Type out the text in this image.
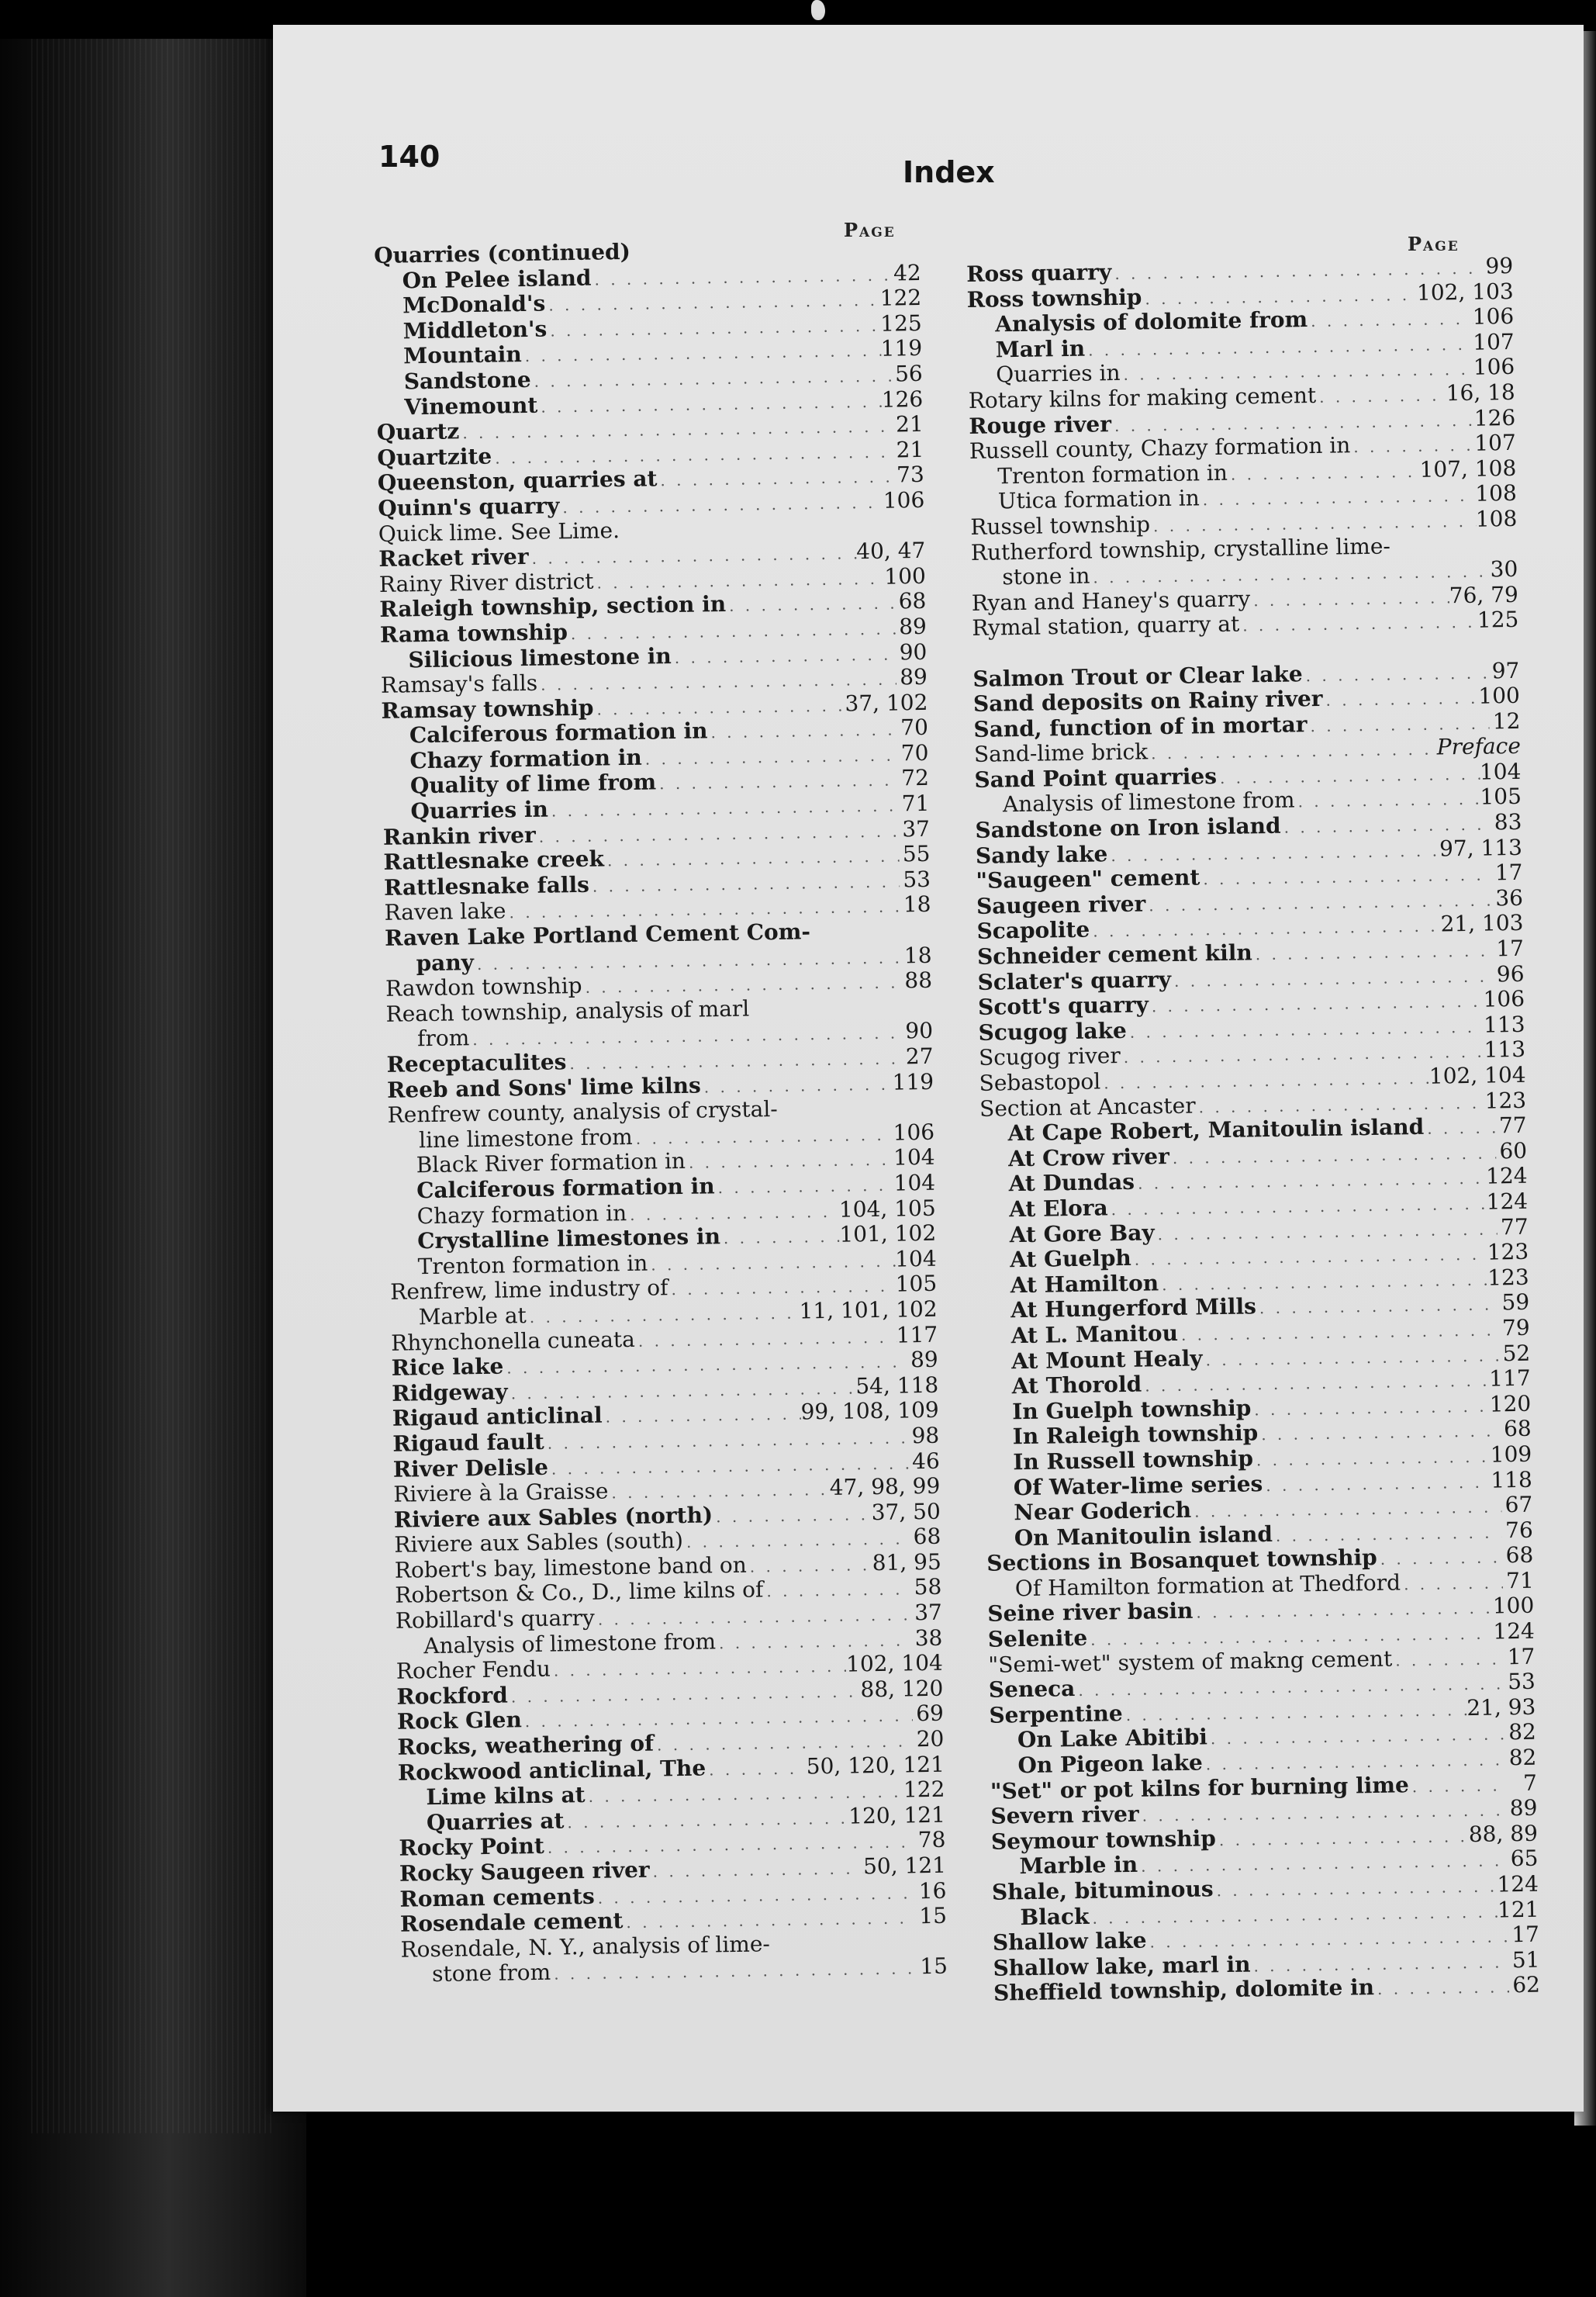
140	Index
Page
Page
Quarries (continued)
On Pelee island . . .	42
McDonald's . . .	122
Middleton's . . .	125
Mountain . . .	119
Sandstone . . .	56
Vinemount . . .	126
Quartz . . .	21
Quartzite . . .	21
Queenston, quarries at . . .	73
Quinn's quarry . . .	106
Quick lime. See Lime.
Racket river . . .	40, 47
Rainy River district . . .	100
Raleigh township, section in . . .	68
Rama township . . .	89
Silicious limestone in . . .	90
Ramsay's falls . . .	89
Ramsay township . . .	37, 102
Calciferous formation in . . .	70
Chazy formation in . . .	70
Quality of lime from . . .	72
Quarries in . . .	71
Rankin river . . .	37
Rattlesnake creek . . .	55
Rattlesnake falls . . .	53
Raven lake . . .	18
Raven Lake Portland Cement Com-
pany . . .	18
Rawdon township . . .	88
Reach township, analysis of marl
from . . .	90
Receptaculites . . .	27
Reeb and Sons' lime kilns . . .	119
Renfrew county, analysis of crystal-
line limestone from . . .	106
Black River formation in . . .	104
Calciferous formation in . . .	104
Chazy formation in . . .	104, 105
Crystalline limestones in . . .	101, 102
Trenton formation in . . .	104
Renfrew, lime industry of . . .	105
Marble at . . .	11, 101, 102
Rhynchonella cuneata . . .	117
Rice lake . . .	89
Ridgeway . . .	54, 118
Rigaud anticlinal . . .	99, 108, 109
Rigaud fault . . .	98
River Delisle . . .	46
Riviere à la Graisse . . .	47, 98, 99
Riviere aux Sables (north) . . .	37, 50
Riviere aux Sables (south) . . .	68
Robert's bay, limestone band on . . .	81, 95
Robertson & Co., D., lime kilns of . . .	58
Robillard's quarry . . .	37
Analysis of limestone from . . .	38
Rocher Fendu . . .	102, 104
Rockford . . .	88, 120
Rock Glen . . .	69
Rocks, weathering of . . .	20
Rockwood anticlinal, The . . .	50, 120, 121
Lime kilns at . . .	122
Quarries at . . .	120, 121
Rocky Point . . .	78
Rocky Saugeen river . . .	50, 121
Roman cements . . .	16
Rosendale cement . . .	15
Rosendale, N. Y., analysis of lime-
stone from . . .	15
Ross quarry . . .	99
Ross township . . .	102, 103
Analysis of dolomite from . . .	106
Marl in . . .	107
Quarries in . . .	106
Rotary kilns for making cement . . .	16, 18
Rouge river . . .	126
Russell county, Chazy formation in . . .	107
Trenton formation in . . .	107, 108
Utica formation in . . .	108
Russel township . . .	108
Rutherford township, crystalline lime-
stone in . . .	30
Ryan and Haney's quarry . . .	76, 79
Rymal station, quarry at . . .	125
Salmon Trout or Clear lake . . .	97
Sand deposits on Rainy river . . .	100
Sand, function of in mortar . . .	12
Sand-lime brick . . .	Preface
Sand Point quarries . . .	104
Analysis of limestone from . . .	105
Sandstone on Iron island . . .	83
Sandy lake . . .	97, 113
"Saugeen" cement . . .	17
Saugeen river . . .	36
Scapolite . . .	21, 103
Schneider cement kiln . . .	17
Sclater's quarry . . .	96
Scott's quarry . . .	106
Scugog lake . . .	113
Scugog river . . .	113
Sebastopol . . .	102, 104
Section at Ancaster . . .	123
At Cape Robert, Manitoulin island . . .	77
At Crow river . . .	60
At Dundas . . .	124
At Elora . . .	124
At Gore Bay . . .	77
At Guelph . . .	123
At Hamilton . . .	123
At Hungerford Mills . . .	59
At L. Manitou . . .	79
At Mount Healy . . .	52
At Thorold . . .	117
In Guelph township . . .	120
In Raleigh township . . .	68
In Russell township . . .	109
Of Water-lime series . . .	118
Near Goderich . . .	67
On Manitoulin island . . .	76
Sections in Bosanquet township . . .	68
Of Hamilton formation at Thedford . . .	71
Seine river basin . . .	100
Selenite . . .	124
"Semi-wet" system of makng cement . . .	17
Seneca . . .	53
Serpentine . . .	21, 93
On Lake Abitibi . . .	82
On Pigeon lake . . .	82
"Set" or pot kilns for burning lime . . .	7
Severn river . . .	89
Seymour township . . .	88, 89
Marble in . . .	65
Shale, bituminous . . .	124
Black . . .	121
Shallow lake . . .	17
Shallow lake, marl in . . .	51
Sheffield township, dolomite in . . .	62
